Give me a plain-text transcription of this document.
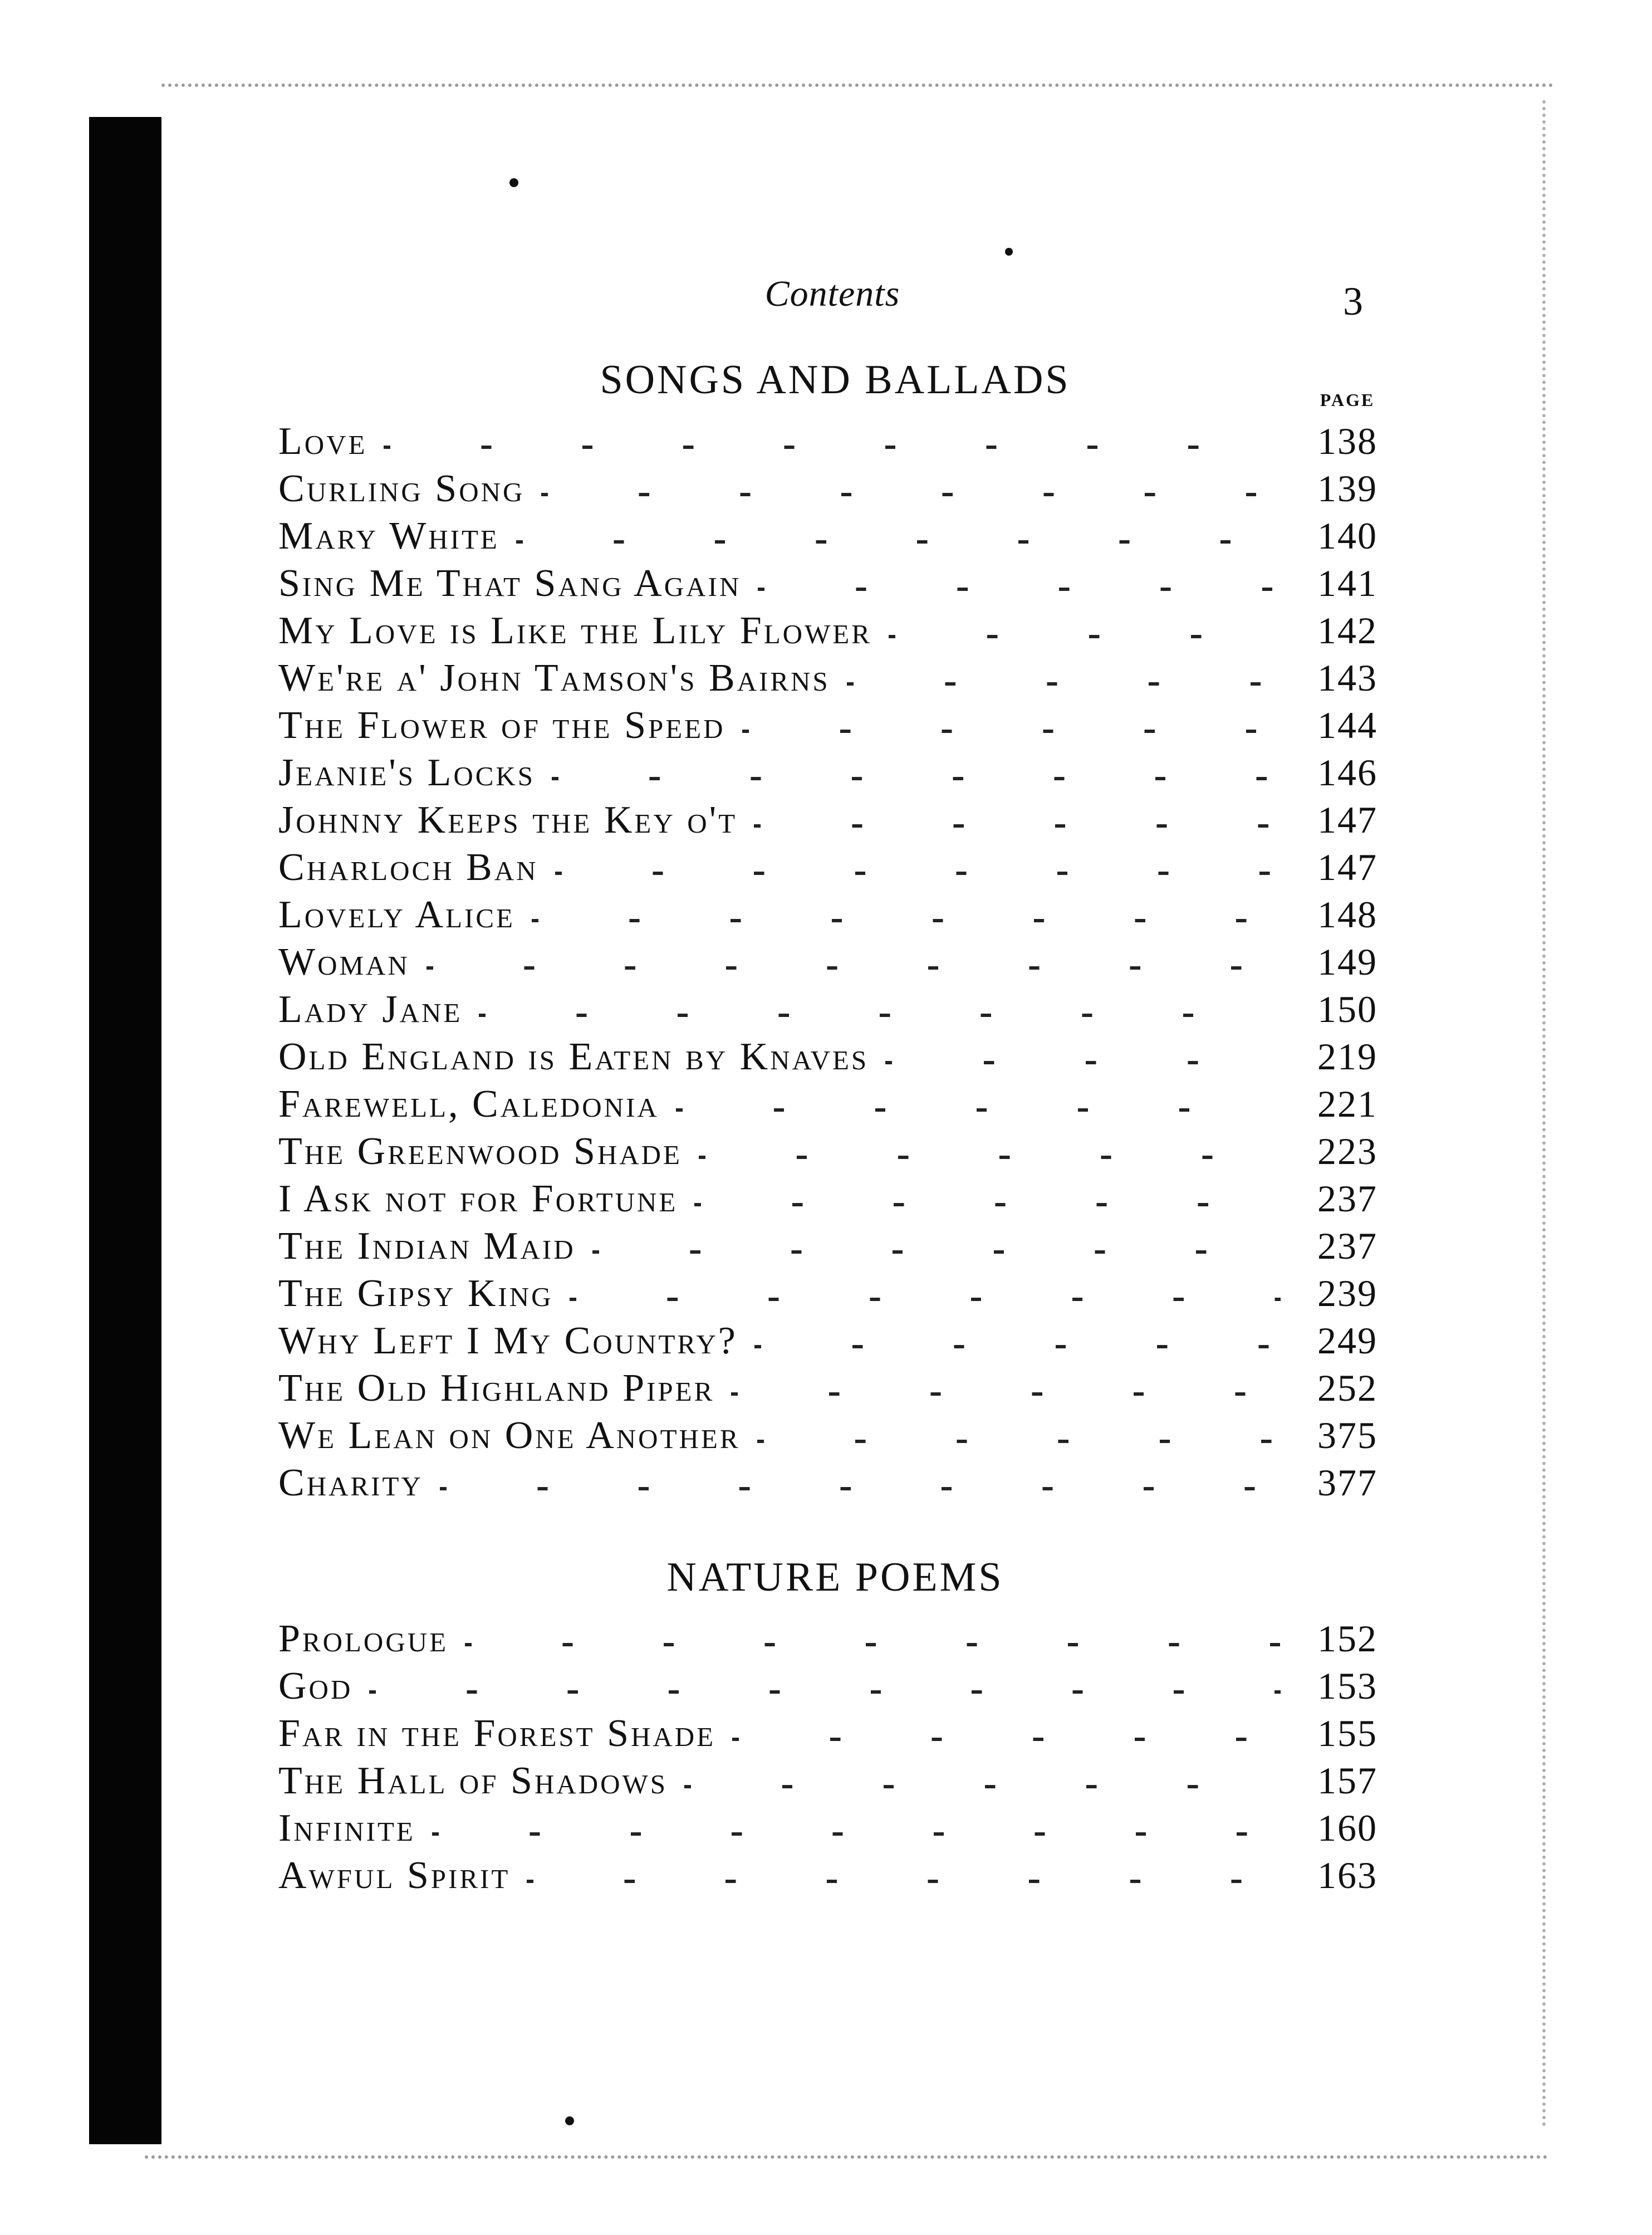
Contents	3
SONGS AND BALLADS	PAGE
Love	138
Curling Song	139
Mary White	140
Sing Me That Sang Again	141
My Love is Like the Lily Flower	142
We're a' John Tamson's Bairns	143
The Flower of the Speed	144
Jeanie's Locks	146
Johnny Keeps the Key o't	147
Charloch Ban	147
Lovely Alice	148
Woman	149
Lady Jane	150
Old England is Eaten by Knaves	219
Farewell, Caledonia	221
The Greenwood Shade	223
I Ask not for Fortune	237
The Indian Maid	237
The Gipsy King	239
Why Left I My Country?	249
The Old Highland Piper	252
We Lean on One Another	375
Charity	377
NATURE POEMS
Prologue	152
God	153
Far in the Forest Shade	155
The Hall of Shadows	157
Infinite	160
Awful Spirit	163
